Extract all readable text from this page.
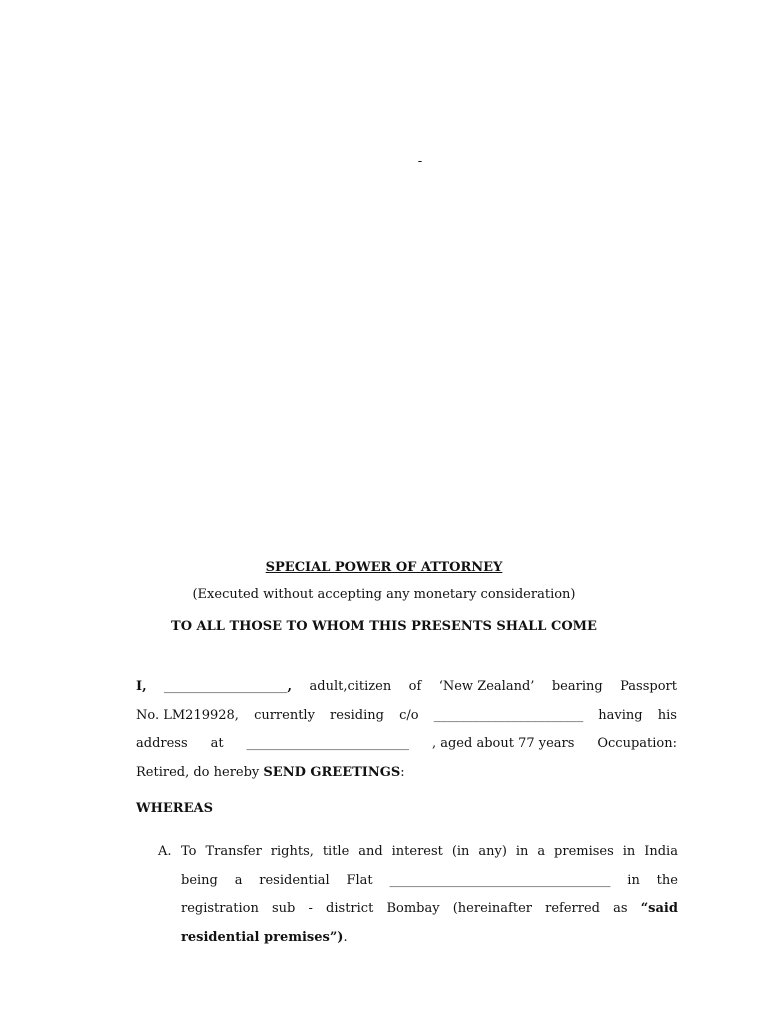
-

SPECIAL POWER OF ATTORNEY

(Executed without accepting any monetary consideration)

TO ALL THOSE TO WHOM THIS PRESENTS SHALL COME

I, ___________________, adult,citizen of ‘New Zealand’ bearing Passport
No. LM219928, currently residing c/o _______________________ having his
address at _________________________ , aged about 77 years Occupation:
Retired, do hereby SEND GREETINGS :

WHEREAS

A. To Transfer rights, title and interest (in any) in a premises in India
being a residential Flat __________________________________ in the
registration sub - district Bombay (hereinafter referred as “said
residential premises”) .
